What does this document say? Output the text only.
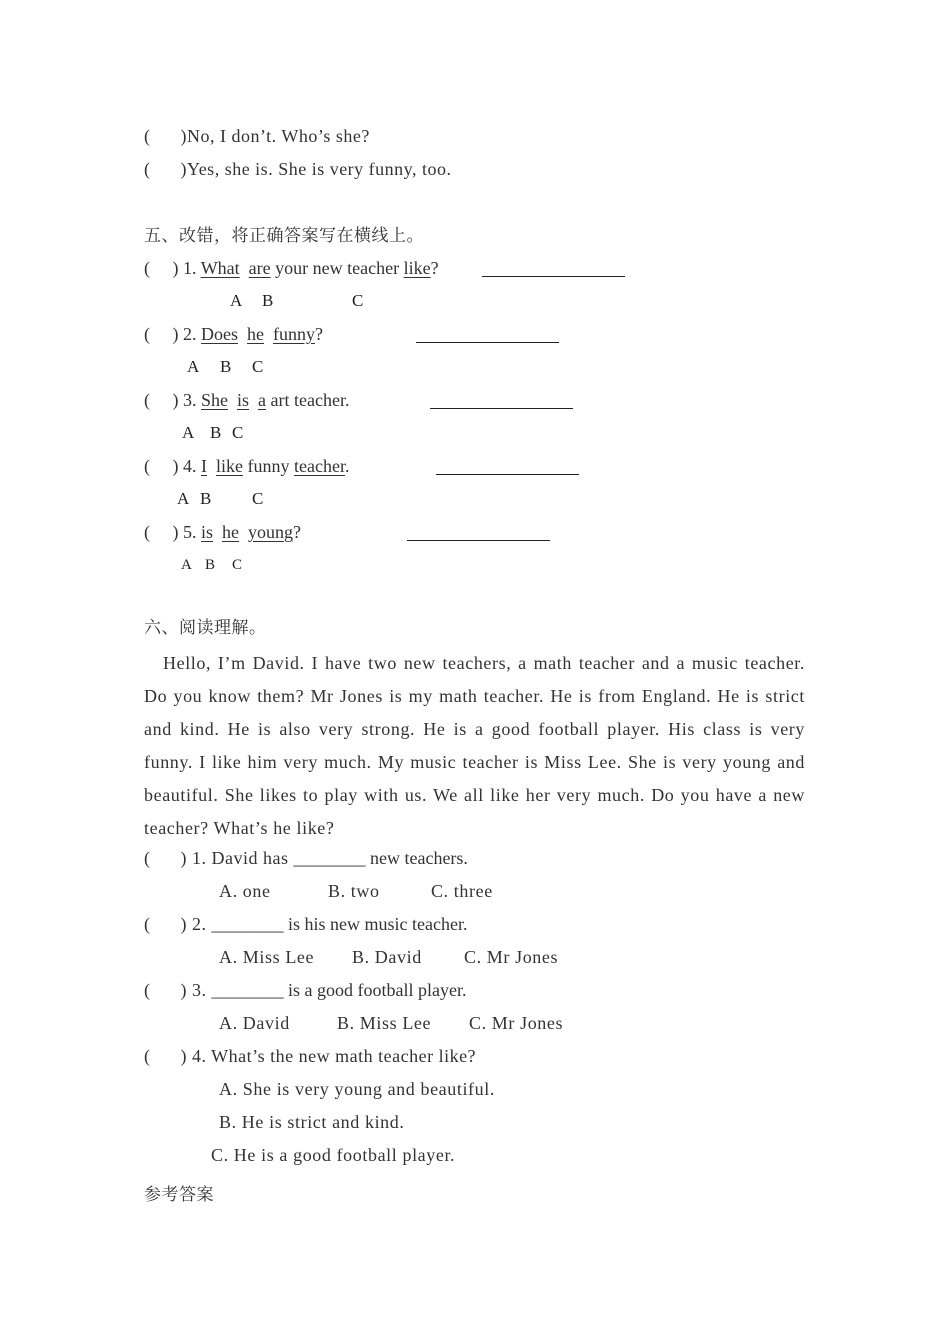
(      )No, I don’t. Who’s she?
(      )Yes, she is. She is very funny, too.
五、改错，将正确答案写在横线上。
(     ) 1. What are your new teacher like?
A B	C
(     ) 2. Does he funny?
A B C
(     ) 3. She is a art teacher.
A B C
(     ) 4. I like funny teacher.
A B C
(     ) 5. is he young?
A B C
六、阅读理解。
Hello, I’m David. I have two new teachers, a math teacher and a music teacher. Do you know them? Mr Jones is my math teacher. He is from England. He is strict and kind. He is also very strong. He is a good football player. His class is very funny. I like him very much. My music teacher is Miss Lee. She is very young and beautiful. She likes to play with us. We all like her very much. Do you have a new teacher? What’s he like?
(      ) 1. David has ________ new teachers.
A. one	B. two	C. three
(      ) 2. ________ is his new music teacher.
A. Miss Lee B. David C. Mr Jones
(      ) 3. ________ is a good football player.
A. David	B. Miss Lee C. Mr Jones
(      ) 4. What’s the new math teacher like?
A. She is very young and beautiful.
B. He is strict and kind.
C. He is a good football player.
参考答案
